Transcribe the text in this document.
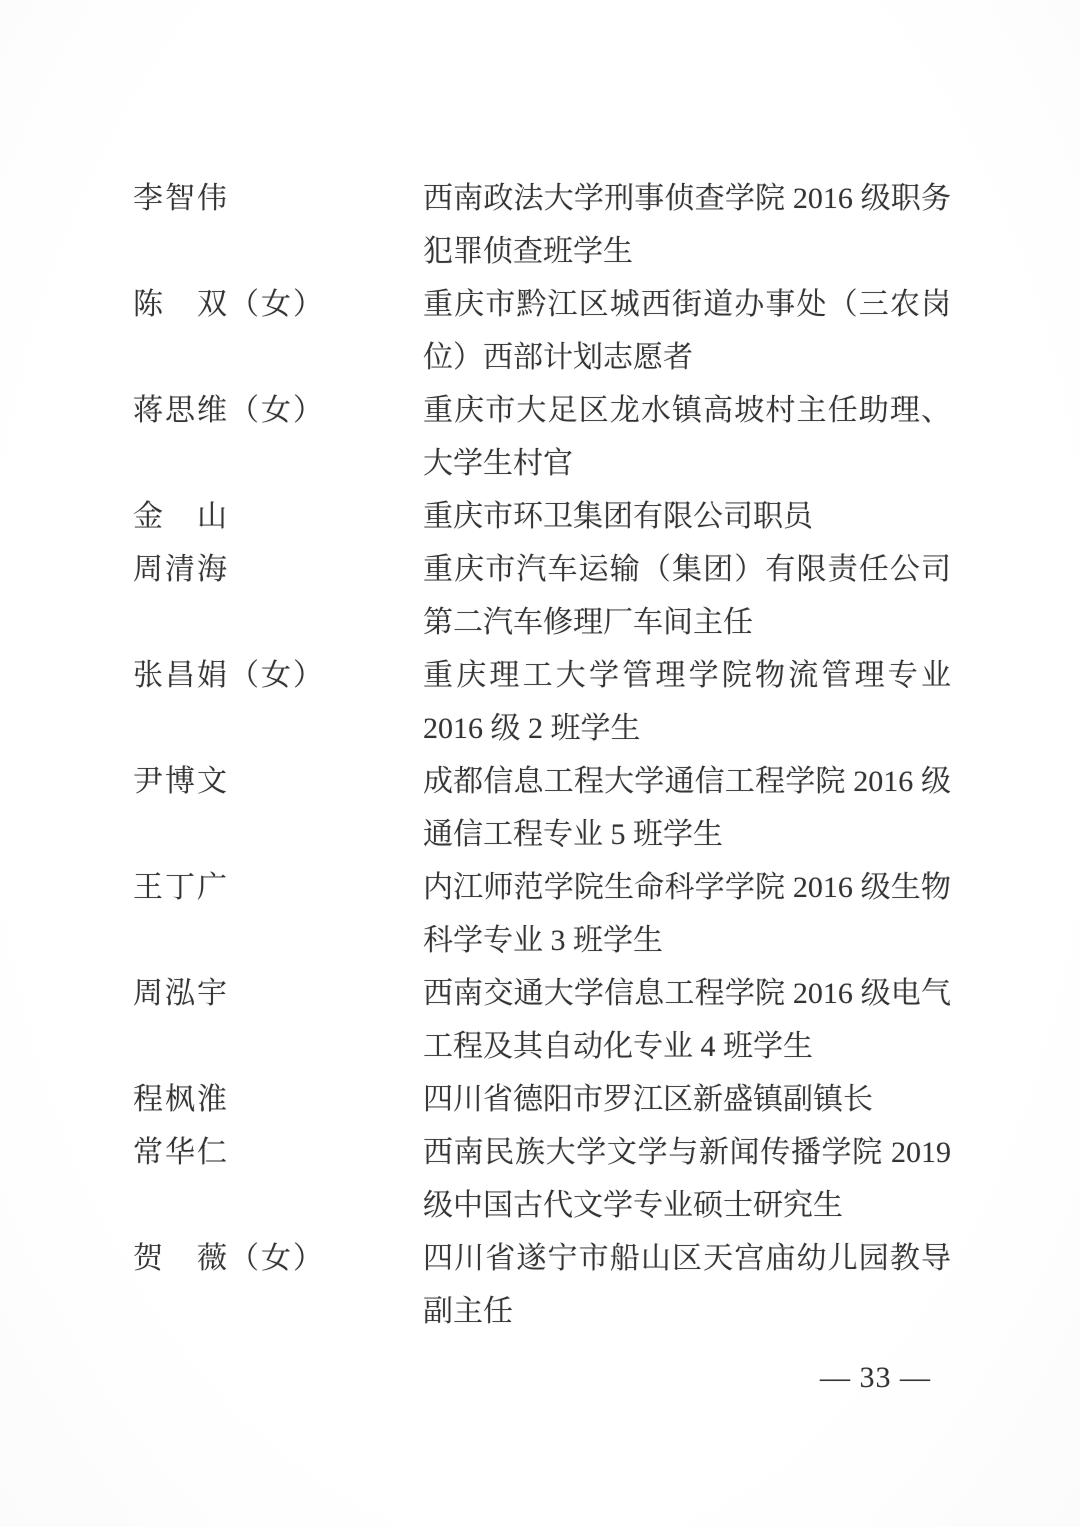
李智伟	西南政法大学刑事侦查学院 2016 级职务犯罪侦查班学生
陈　双（女）	重庆市黔江区城西街道办事处（三农岗位）西部计划志愿者
蒋思维（女）	重庆市大足区龙水镇高坡村主任助理、大学生村官
金　山	重庆市环卫集团有限公司职员
周清海	重庆市汽车运输（集团）有限责任公司第二汽车修理厂车间主任
张昌娟（女）	重庆理工大学管理学院物流管理专业 2016 级 2 班学生
尹博文	成都信息工程大学通信工程学院 2016 级通信工程专业 5 班学生
王丁广	内江师范学院生命科学学院 2016 级生物科学专业 3 班学生
周泓宇	西南交通大学信息工程学院 2016 级电气工程及其自动化专业 4 班学生
程枫淮	四川省德阳市罗江区新盛镇副镇长
常华仁	西南民族大学文学与新闻传播学院 2019 级中国古代文学专业硕士研究生
贺　薇（女）	四川省遂宁市船山区天宫庙幼儿园教导副主任
— 33 —
